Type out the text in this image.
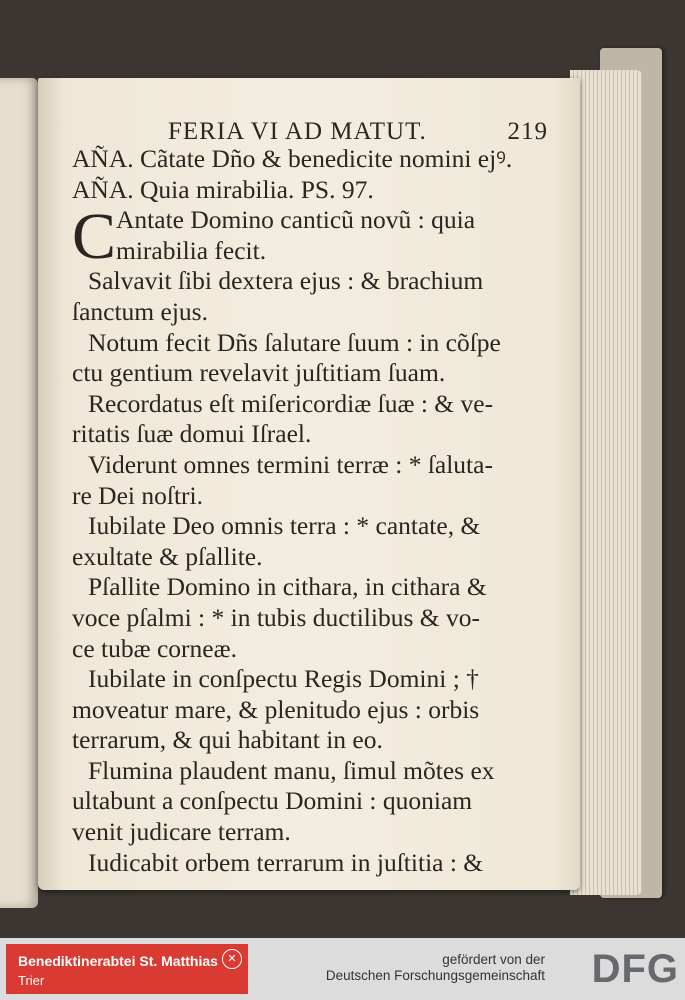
FERIA VI AD MATUT.	219
AÑA. Cãtate Dño & benedicite nomini ejꝰ.
AÑA. Quia mirabilia. PS. 97.
C Antate Domino canticũ novũ : quia
mirabilia fecit.
Salvavit ſibi dextera ejus : & brachium
ſanctum ejus.
Notum fecit Dñs ſalutare ſuum : in cõſpe
ctu gentium revelavit juſtitiam ſuam.
Recordatus eſt miſericordiæ ſuæ : & ve-
ritatis ſuæ domui Iſrael.
Viderunt omnes termini terræ : * ſaluta-
re Dei noſtri.
Iubilate Deo omnis terra : * cantate, &
exultate & pſallite.
Pſallite Domino in cithara, in cithara &
voce pſalmi : * in tubis ductilibus & vo-
ce tubæ corneæ.
Iubilate in conſpectu Regis Domini ; †
moveatur mare, & plenitudo ejus : orbis
terrarum, & qui habitant in eo.
Flumina plaudent manu, ſimul mõtes ex
ultabunt a conſpectu Domini : quoniam
venit judicare terram.
Iudicabit orbem terrarum in juſtitia : &
Benediktinerabtei St. Matthias
Trier
✕	gefördert von der
Deutschen Forschungsgemeinschaft DFG
